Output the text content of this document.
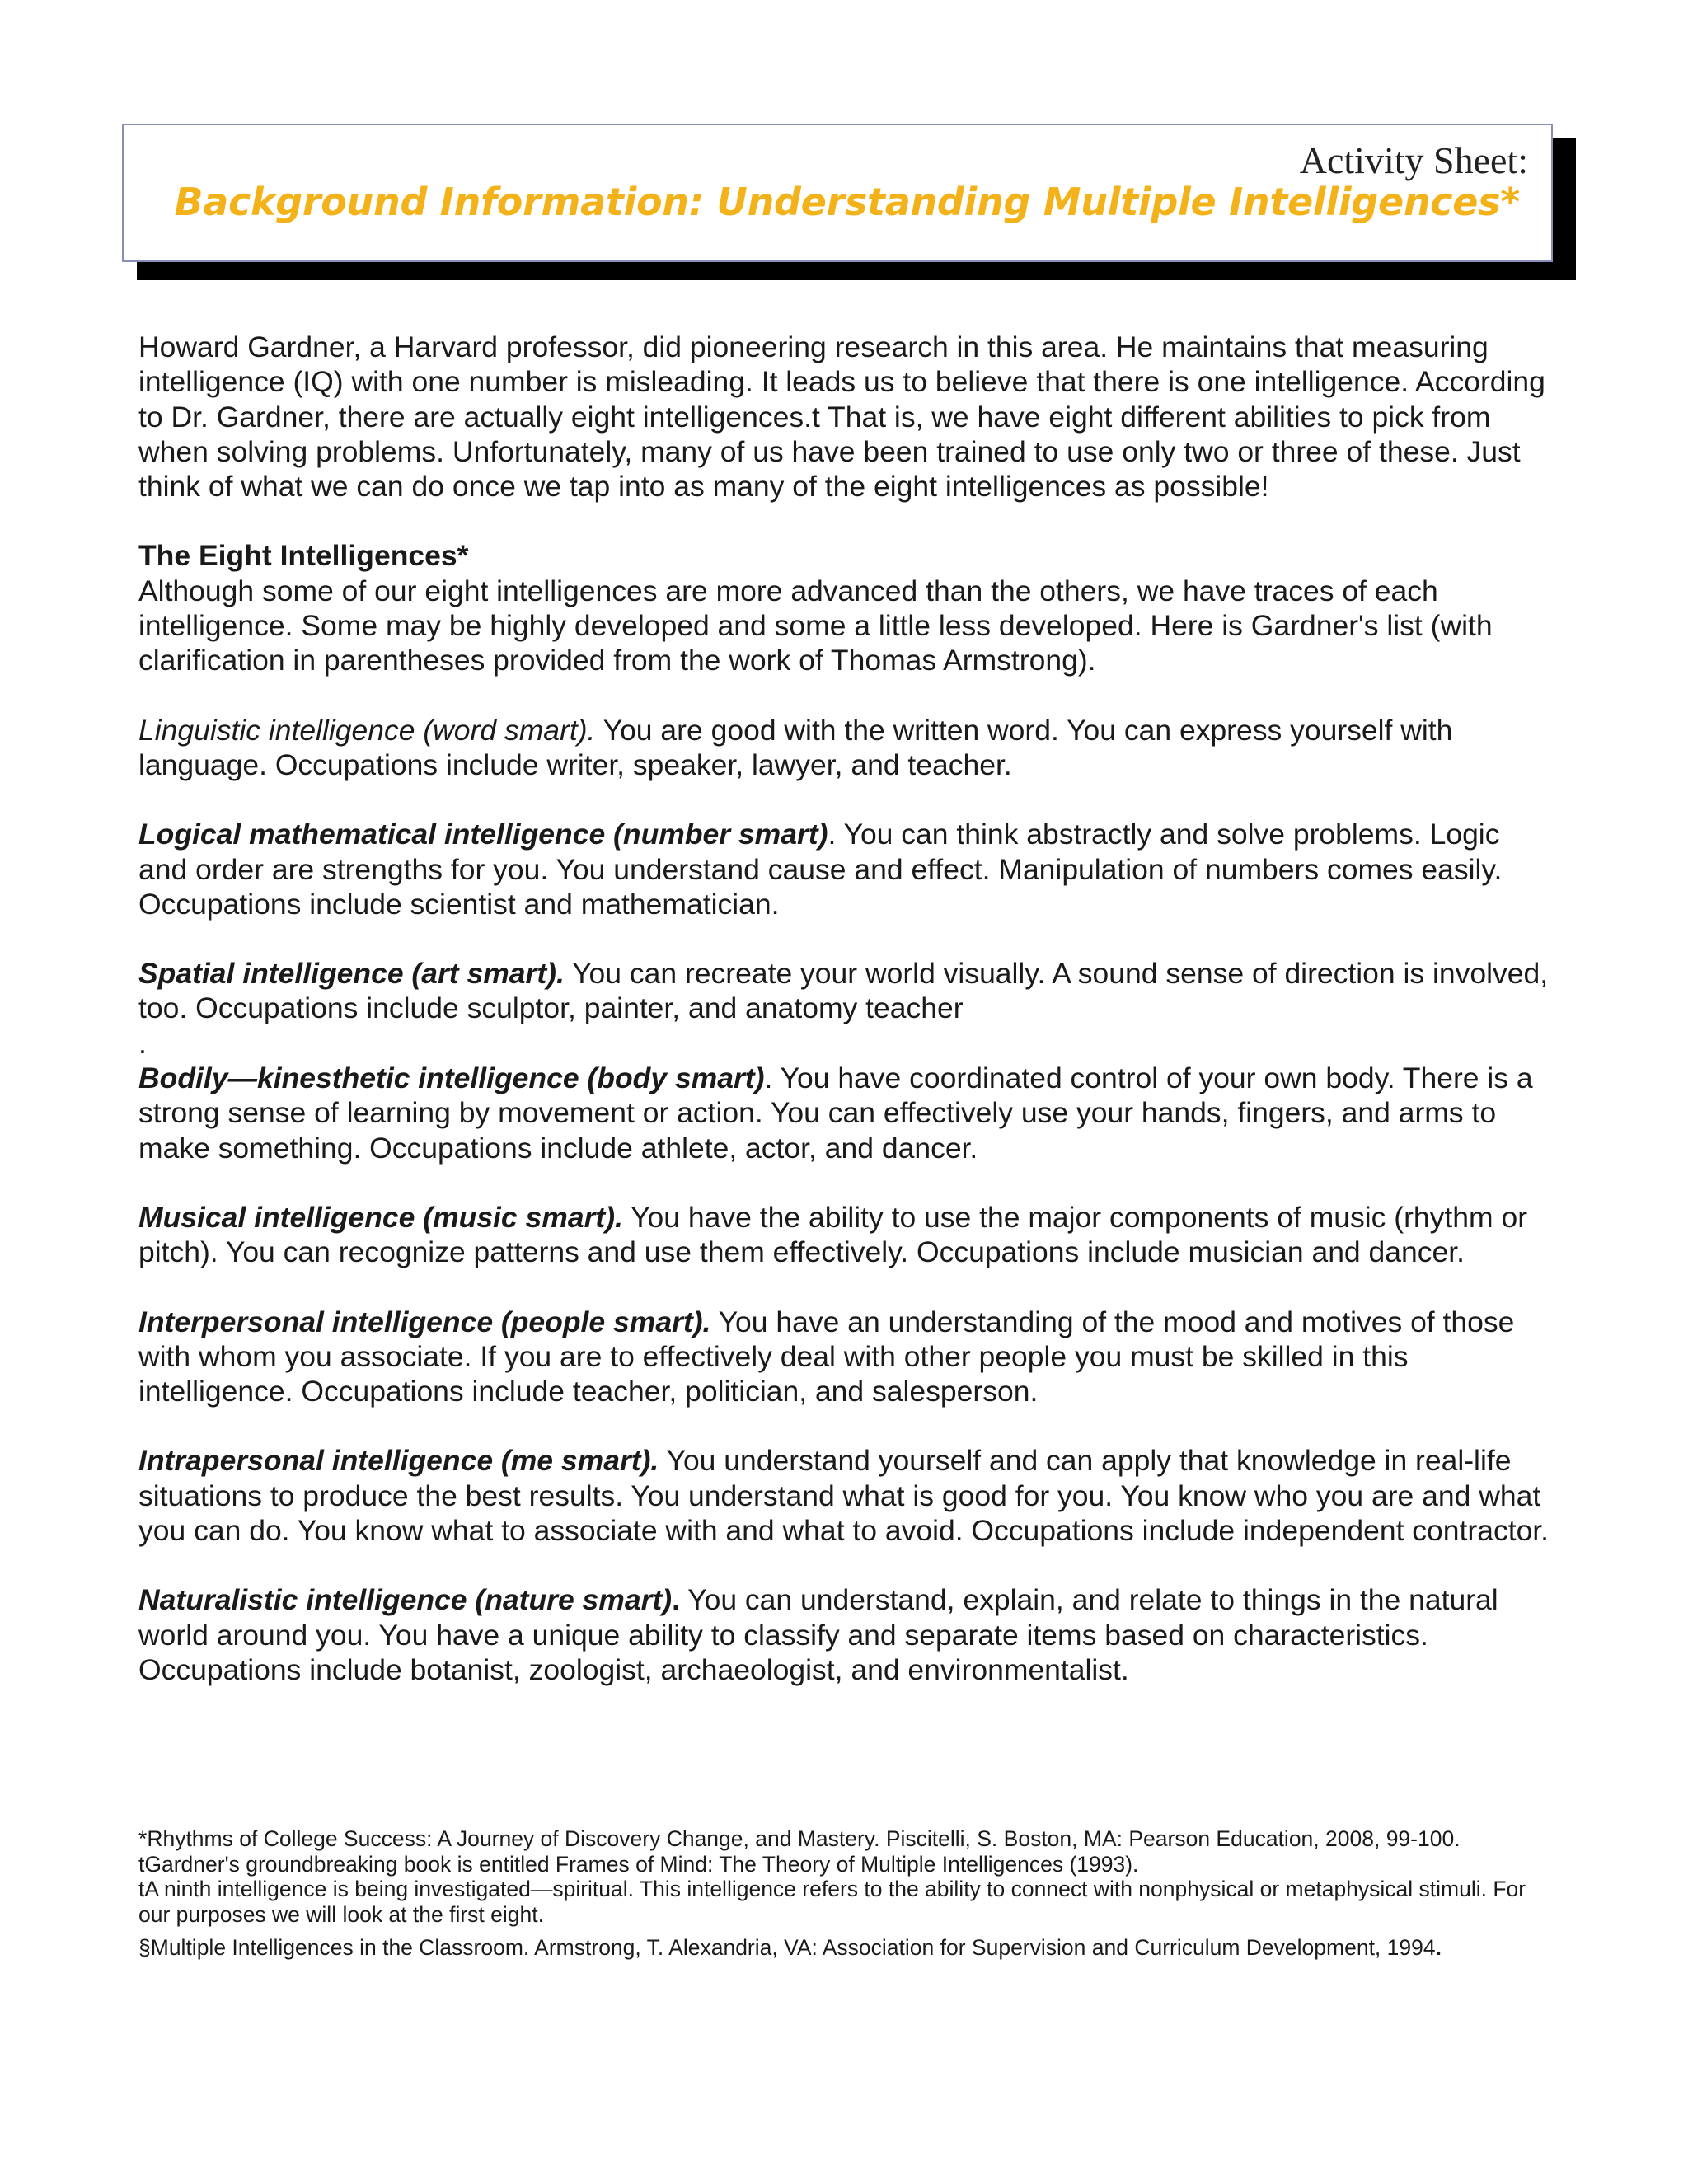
Activity Sheet:
Background Information: Understanding Multiple Intelligences*

Howard Gardner, a Harvard professor, did pioneering research in this area. He maintains that measuring intelligence (IQ) with one number is misleading. It leads us to believe that there is one intelligence. According to Dr. Gardner, there are actually eight intelligences.t That is, we have eight different abilities to pick from when solving problems. Unfortunately, many of us have been trained to use only two or three of these. Just think of what we can do once we tap into as many of the eight intelligences as possible!

The Eight Intelligences*
Although some of our eight intelligences are more advanced than the others, we have traces of each intelligence. Some may be highly developed and some a little less developed. Here is Gardner's list (with clarification in parentheses provided from the work of Thomas Armstrong).

Linguistic intelligence (word smart). You are good with the written word. You can express yourself with language. Occupations include writer, speaker, lawyer, and teacher.

Logical mathematical intelligence (number smart). You can think abstractly and solve problems. Logic and order are strengths for you. You understand cause and effect. Manipulation of numbers comes easily. Occupations include scientist and mathematician.

Spatial intelligence (art smart). You can recreate your world visually. A sound sense of direction is involved, too. Occupations include sculptor, painter, and anatomy teacher

.

Bodily—kinesthetic intelligence (body smart). You have coordinated control of your own body. There is a strong sense of learning by movement or action. You can effectively use your hands, fingers, and arms to make something. Occupations include athlete, actor, and dancer.

Musical intelligence (music smart). You have the ability to use the major components of music (rhythm or pitch). You can recognize patterns and use them effectively. Occupations include musician and dancer.

Interpersonal intelligence (people smart). You have an understanding of the mood and motives of those with whom you associate. If you are to effectively deal with other people you must be skilled in this intelligence. Occupations include teacher, politician, and salesperson.

Intrapersonal intelligence (me smart). You understand yourself and can apply that knowledge in real-life situations to produce the best results. You understand what is good for you. You know who you are and what you can do. You know what to associate with and what to avoid. Occupations include independent contractor.

Naturalistic intelligence (nature smart). You can understand, explain, and relate to things in the natural world around you. You have a unique ability to classify and separate items based on characteristics. Occupations include botanist, zoologist, archaeologist, and environmentalist.

*Rhythms of College Success: A Journey of Discovery Change, and Mastery. Piscitelli, S. Boston, MA: Pearson Education, 2008, 99-100.

tGardner's groundbreaking book is entitled Frames of Mind: The Theory of Multiple Intelligences (1993).

tA ninth intelligence is being investigated—spiritual. This intelligence refers to the ability to connect with nonphysical or metaphysical stimuli. For our purposes we will look at the first eight.

§Multiple Intelligences in the Classroom. Armstrong, T. Alexandria, VA: Association for Supervision and Curriculum Development, 1994.
